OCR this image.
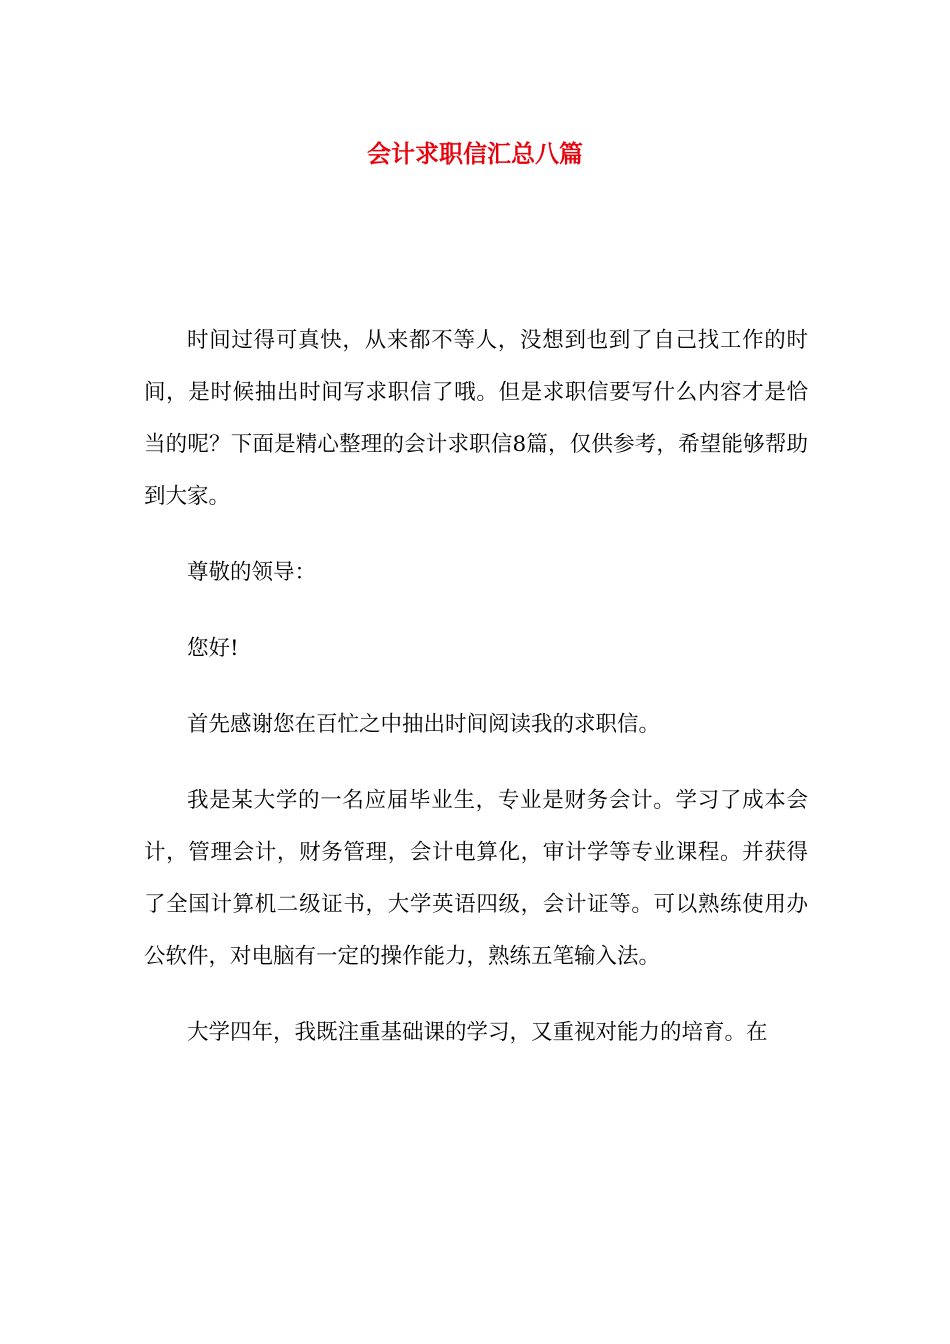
会计求职信汇总八篇

时间过得可真快，从来都不等人，没想到也到了自己找工作的时间，是时候抽出时间写求职信了哦。但是求职信要写什么内容才是恰当的呢？下面是精心整理的会计求职信8篇，仅供参考，希望能够帮助到大家。

尊敬的领导：

您好!

首先感谢您在百忙之中抽出时间阅读我的求职信。

我是某大学的一名应届毕业生，专业是财务会计。学习了成本会计，管理会计，财务管理，会计电算化，审计学等专业课程。并获得了全国计算机二级证书，大学英语四级，会计证等。可以熟练使用办公软件，对电脑有一定的操作能力，熟练五笔输入法。

大学四年，我既注重基础课的学习，又重视对能力的培育。在
